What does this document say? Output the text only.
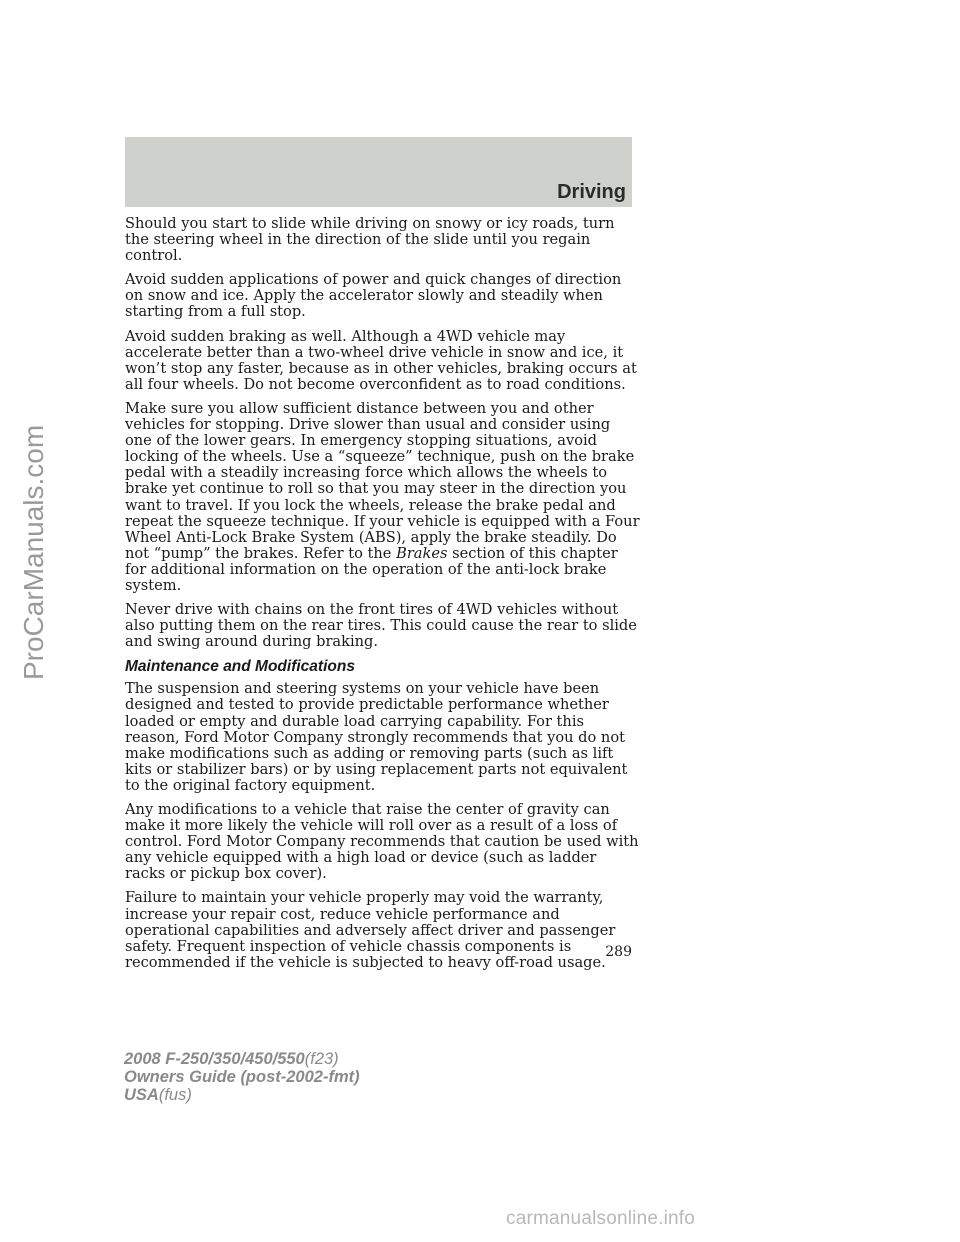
Driving

Should you start to slide while driving on snowy or icy roads, turn the steering wheel in the direction of the slide until you regain control.

Avoid sudden applications of power and quick changes of direction on snow and ice. Apply the accelerator slowly and steadily when starting from a full stop.

Avoid sudden braking as well. Although a 4WD vehicle may accelerate better than a two-wheel drive vehicle in snow and ice, it won’t stop any faster, because as in other vehicles, braking occurs at all four wheels. Do not become overconfident as to road conditions.

Make sure you allow sufficient distance between you and other vehicles for stopping. Drive slower than usual and consider using one of the lower gears. In emergency stopping situations, avoid locking of the wheels. Use a “squeeze” technique, push on the brake pedal with a steadily increasing force which allows the wheels to brake yet continue to roll so that you may steer in the direction you want to travel. If you lock the wheels, release the brake pedal and repeat the squeeze technique. If your vehicle is equipped with a Four Wheel Anti-Lock Brake System (ABS), apply the brake steadily. Do not “pump” the brakes. Refer to the Brakes section of this chapter for additional information on the operation of the anti-lock brake system.

Never drive with chains on the front tires of 4WD vehicles without also putting them on the rear tires. This could cause the rear to slide and swing around during braking.

Maintenance and Modifications

The suspension and steering systems on your vehicle have been designed and tested to provide predictable performance whether loaded or empty and durable load carrying capability. For this reason, Ford Motor Company strongly recommends that you do not make modifications such as adding or removing parts (such as lift kits or stabilizer bars) or by using replacement parts not equivalent to the original factory equipment.

Any modifications to a vehicle that raise the center of gravity can make it more likely the vehicle will roll over as a result of a loss of control. Ford Motor Company recommends that caution be used with any vehicle equipped with a high load or device (such as ladder racks or pickup box cover).

Failure to maintain your vehicle properly may void the warranty, increase your repair cost, reduce vehicle performance and operational capabilities and adversely affect driver and passenger safety. Frequent inspection of vehicle chassis components is recommended if the vehicle is subjected to heavy off-road usage.

289
2008 F-250/350/450/550(f23)
Owners Guide (post-2002-fmt)
USA(fus)
ProCarManuals.com
carmanualsonline.info
